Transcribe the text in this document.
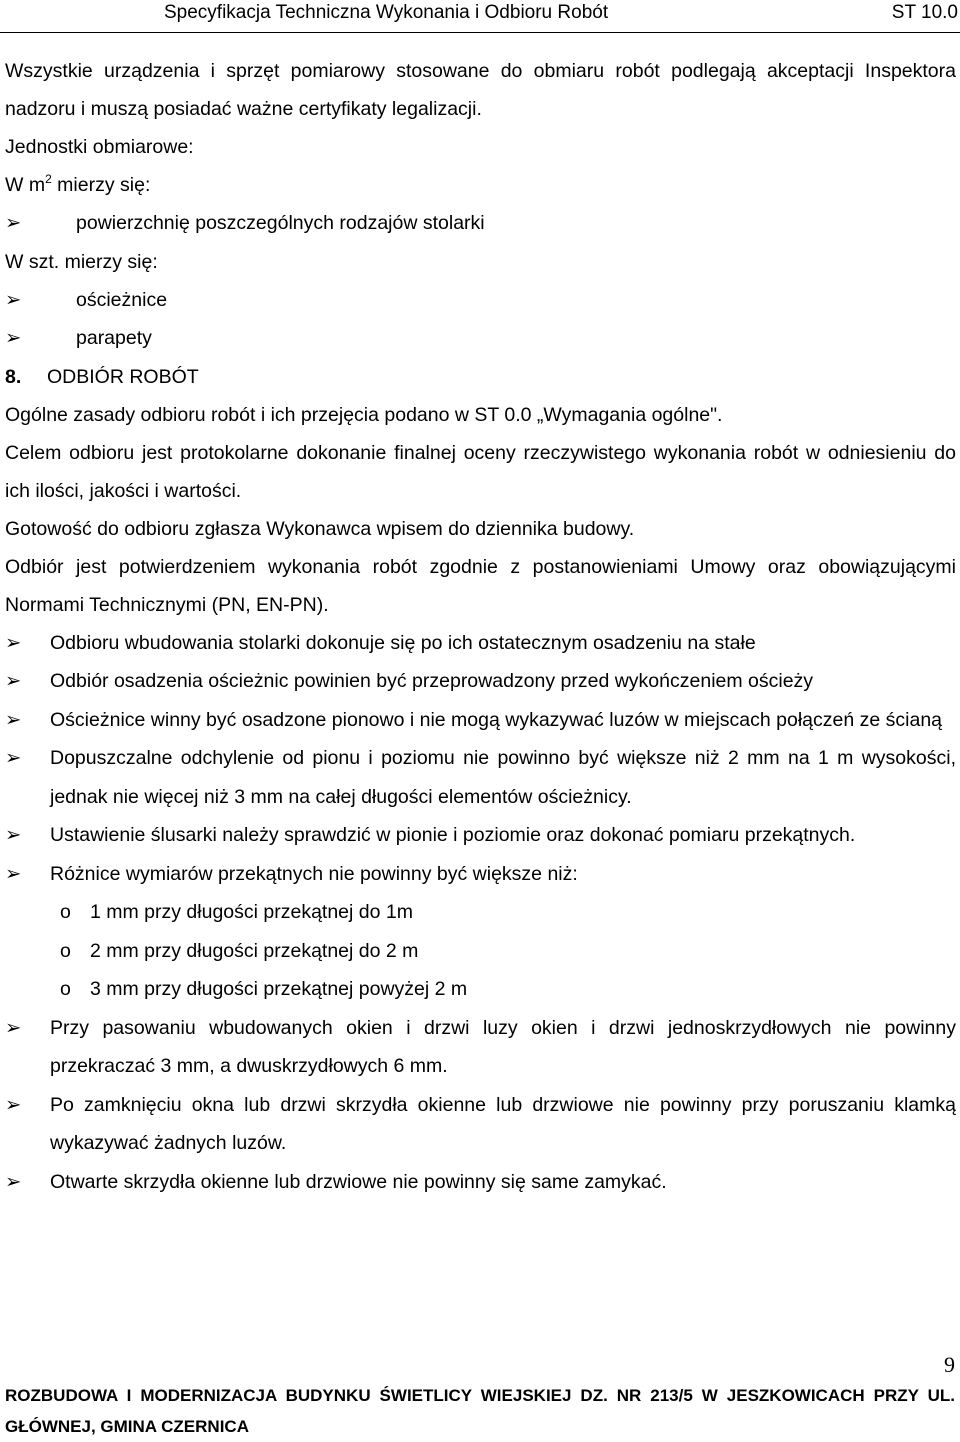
Specyfikacja Techniczna Wykonania i Odbioru Robót	ST 10.0

Wszystkie urządzenia i sprzęt pomiarowy stosowane do obmiaru robót podlegają akceptacji Inspektora nadzoru i muszą posiadać ważne certyfikaty legalizacji.

Jednostki obmiarowe:

W $m^2$ mierzy się:

➢	powierzchnię poszczególnych rodzajów stolarki

W szt. mierzy się:

➢	ościeżnice
➢	parapety

8. ODBIÓR ROBÓT

Ogólne zasady odbioru robót i ich przejęcia podano w ST 0.0 „Wymagania ogólne".

Celem odbioru jest protokolarne dokonanie finalnej oceny rzeczywistego wykonania robót w odniesieniu do ich ilości, jakości i wartości.

Gotowość do odbioru zgłasza Wykonawca wpisem do dziennika budowy.

Odbiór jest potwierdzeniem wykonania robót zgodnie z postanowieniami Umowy oraz obowiązującymi Normami Technicznymi (PN, EN-PN).

➢ Odbioru wbudowania stolarki dokonuje się po ich ostatecznym osadzeniu na stałe
➢ Odbiór osadzenia ościeżnic powinien być przeprowadzony przed wykończeniem ościeży
➢ Ościeżnice winny być osadzone pionowo i nie mogą wykazywać luzów w miejscach połączeń ze ścianą
➢ Dopuszczalne odchylenie od pionu i poziomu nie powinno być większe niż 2 mm na 1 m wysokości, jednak nie więcej niż 3 mm na całej długości elementów ościeżnicy.
➢ Ustawienie ślusarki należy sprawdzić w pionie i poziomie oraz dokonać pomiaru przekątnych.
➢ Różnice wymiarów przekątnych nie powinny być większe niż:
o 1 mm przy długości przekątnej do 1m
o 2 mm przy długości przekątnej do 2 m
o 3 mm przy długości przekątnej powyżej 2 m
➢ Przy pasowaniu wbudowanych okien i drzwi luzy okien i drzwi jednoskrzydłowych nie powinny przekraczać 3 mm, a dwuskrzydłowych 6 mm.
➢ Po zamknięciu okna lub drzwi skrzydła okienne lub drzwiowe nie powinny przy poruszaniu klamką wykazywać żadnych luzów.
➢ Otwarte skrzydła okienne lub drzwiowe nie powinny się same zamykać.
9
ROZBUDOWA I MODERNIZACJA BUDYNKU ŚWIETLICY WIEJSKIEJ DZ. NR 213/5 W JESZKOWICACH PRZY UL. GŁÓWNEJ, GMINA CZERNICA
